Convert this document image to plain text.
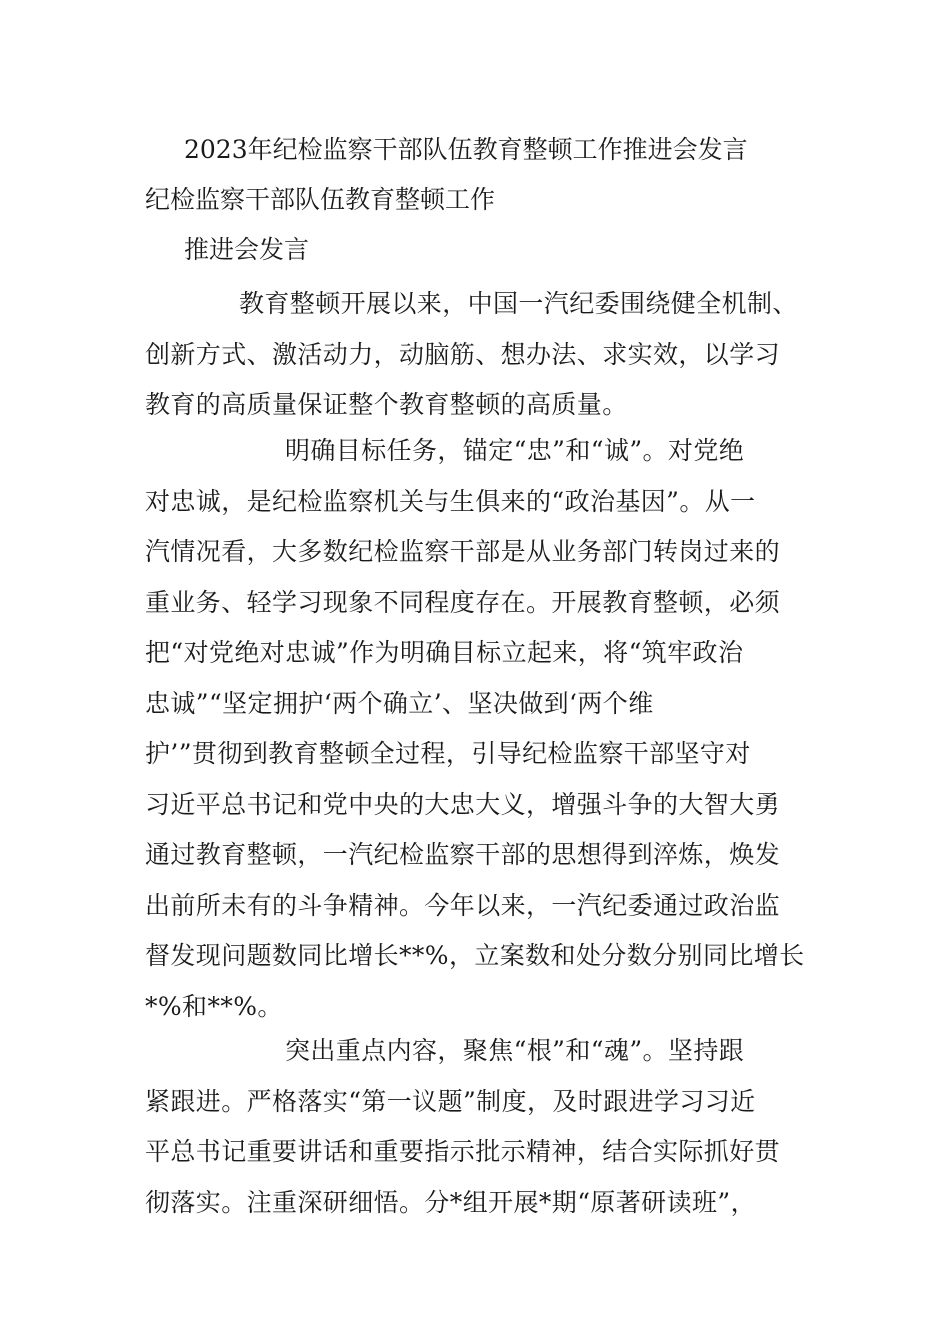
2023年纪检监察干部队伍教育整顿工作推进会发言
纪检监察干部队伍教育整顿工作
推进会发言
教育整顿开展以来，中国一汽纪委围绕健全机制、
创新方式、激活动力，动脑筋、想办法、求实效，以学习
教育的高质量保证整个教育整顿的高质量。
明确目标任务，锚定“忠”和“诚”。对党绝
对忠诚，是纪检监察机关与生俱来的“政治基因”。从一
汽情况看，大多数纪检监察干部是从业务部门转岗过来的
重业务、轻学习现象不同程度存在。开展教育整顿，必须
把“对党绝对忠诚”作为明确目标立起来，将“筑牢政治
忠诚”“坚定拥护‘两个确立’、坚决做到‘两个维
护’”贯彻到教育整顿全过程，引导纪检监察干部坚守对
习近平总书记和党中央的大忠大义，增强斗争的大智大勇
通过教育整顿，一汽纪检监察干部的思想得到淬炼，焕发
出前所未有的斗争精神。今年以来，一汽纪委通过政治监
督发现问题数同比增长**%，立案数和处分数分别同比增长
*%和**%。
突出重点内容，聚焦“根”和“魂”。坚持跟
紧跟进。严格落实“第一议题”制度，及时跟进学习习近
平总书记重要讲话和重要指示批示精神，结合实际抓好贯
彻落实。注重深研细悟。分*组开展*期“原著研读班”，
